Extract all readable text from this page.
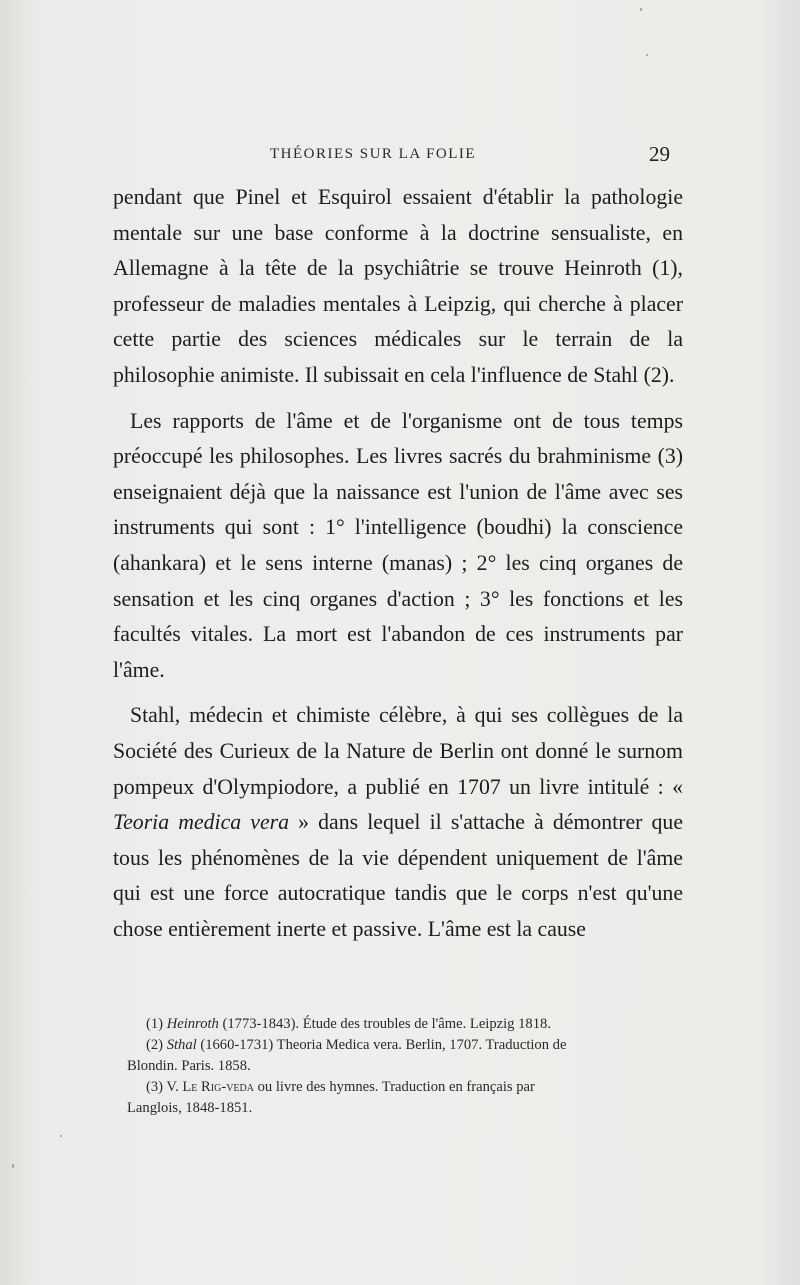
THÉORIES SUR LA FOLIE	29

pendant que Pinel et Esquirol essaient d'établir la pathologie mentale sur une base conforme à la doctrine sensualiste, en Allemagne à la tête de la psychiâtrie se trouve Heinroth (1), professeur de maladies mentales à Leipzig, qui cherche à placer cette partie des sciences médicales sur le terrain de la philosophie animiste. Il subissait en cela l'influence de Stahl (2).

Les rapports de l'âme et de l'organisme ont de tous temps préoccupé les philosophes. Les livres sacrés du brahminisme (3) enseignaient déjà que la naissance est l'union de l'âme avec ses instruments qui sont : 1° l'intelligence (boudhi) la conscience (ahankara) et le sens interne (manas) ; 2° les cinq organes de sensation et les cinq organes d'action ; 3° les fonctions et les facultés vitales. La mort est l'abandon de ces instruments par l'âme.

Stahl, médecin et chimiste célèbre, à qui ses collègues de la Société des Curieux de la Nature de Berlin ont donné le surnom pompeux d'Olympiodore, a publié en 1707 un livre intitulé : « Teoria medica vera » dans lequel il s'attache à démontrer que tous les phénomènes de la vie dépendent uniquement de l'âme qui est une force autocratique tandis que le corps n'est qu'une chose entièrement inerte et passive. L'âme est la cause

(1) Heinroth (1773-1843). Étude des troubles de l'âme. Leipzig 1818.

(2) Sthal (1660-1731) Theoria Medica vera. Berlin, 1707. Traduction de

Blondin. Paris. 1858.

(3) V. Le Rig-veda ou livre des hymnes. Traduction en français par

Langlois, 1848-1851.
